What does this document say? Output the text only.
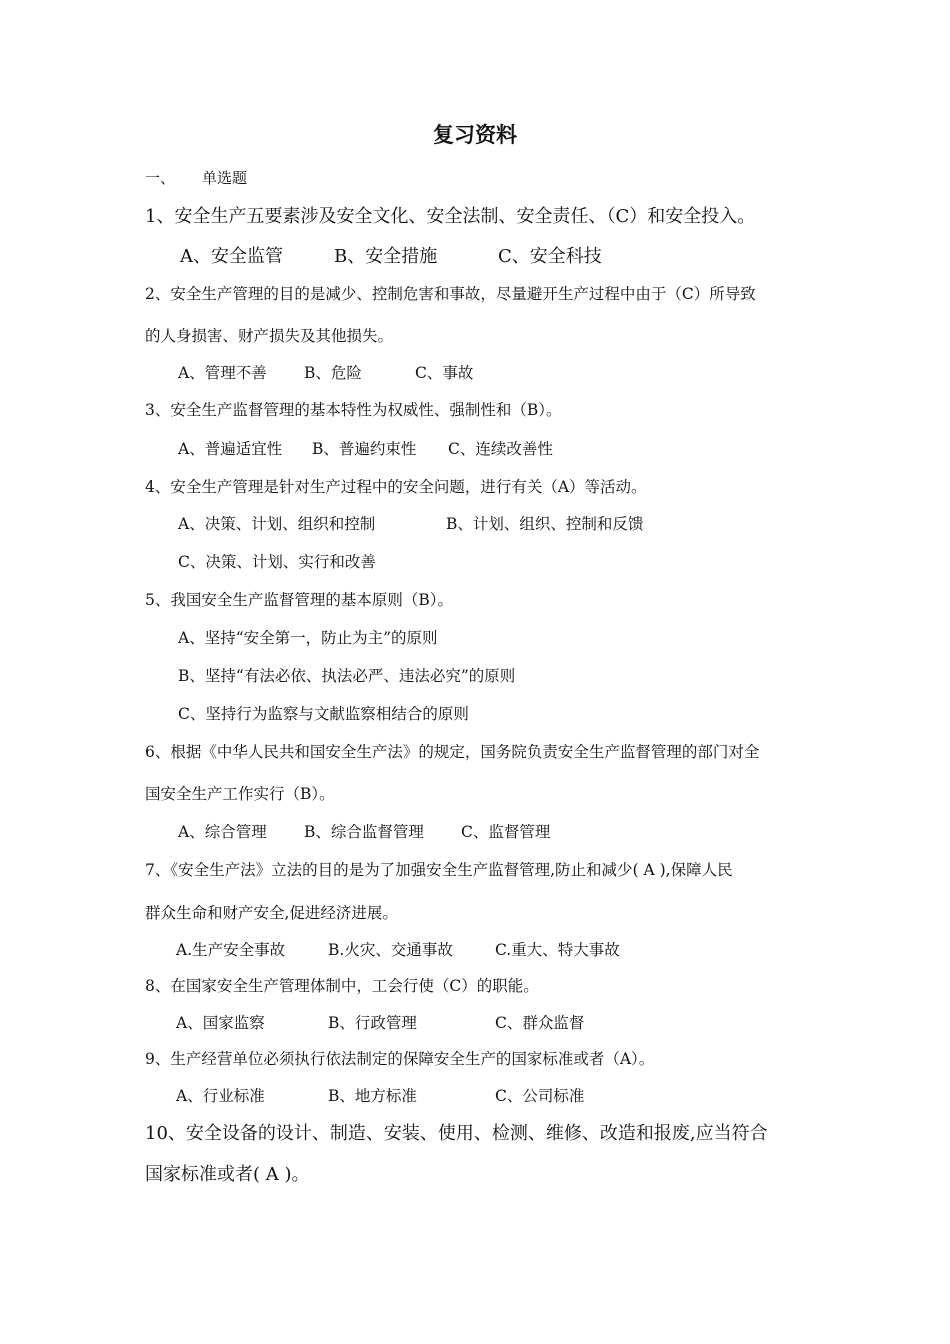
复习资料
一、 单选题
1、安全生产五要素涉及安全文化、安全法制、安全责任、（C）和安全投入。
A、安全监管	B、安全措施	C、安全科技
2、安全生产管理的目的是减少、控制危害和事故，尽量避开生产过程中由于（C）所导致
的人身损害、财产损失及其他损失。
A、管理不善 B、危险	C、事故
3、安全生产监督管理的基本特性为权威性、强制性和（B）。
A、普遍适宜性 B、普遍约束性 C、连续改善性
4、安全生产管理是针对生产过程中的安全问题，进行有关（A）等活动。
A、决策、计划、组织和控制	B、计划、组织、控制和反馈
C、决策、计划、实行和改善
5、我国安全生产监督管理的基本原则（B）。
A、坚持“安全第一，防止为主”的原则
B、坚持“有法必依、执法必严、违法必究”的原则
C、坚持行为监察与文献监察相结合的原则
6、根据《中华人民共和国安全生产法》的规定，国务院负责安全生产监督管理的部门对全
国安全生产工作实行（B）。
A、综合管理 B、综合监督管理 C、监督管理
7、《安全生产法》立法的目的是为了加强安全生产监督管理,防止和减少( A ),保障人民
群众生命和财产安全,促进经济进展。
A.生产安全事故	B.火灾、交通事故	C.重大、特大事故
8、在国家安全生产管理体制中，工会行使（C）的职能。
A、国家监察	B、行政管理	C、群众监督
9、生产经营单位必须执行依法制定的保障安全生产的国家标准或者（A）。
A、行业标准	B、地方标准	C、公司标准
10、安全设备的设计、制造、安装、使用、检测、维修、改造和报废,应当符合
国家标准或者( A )。
